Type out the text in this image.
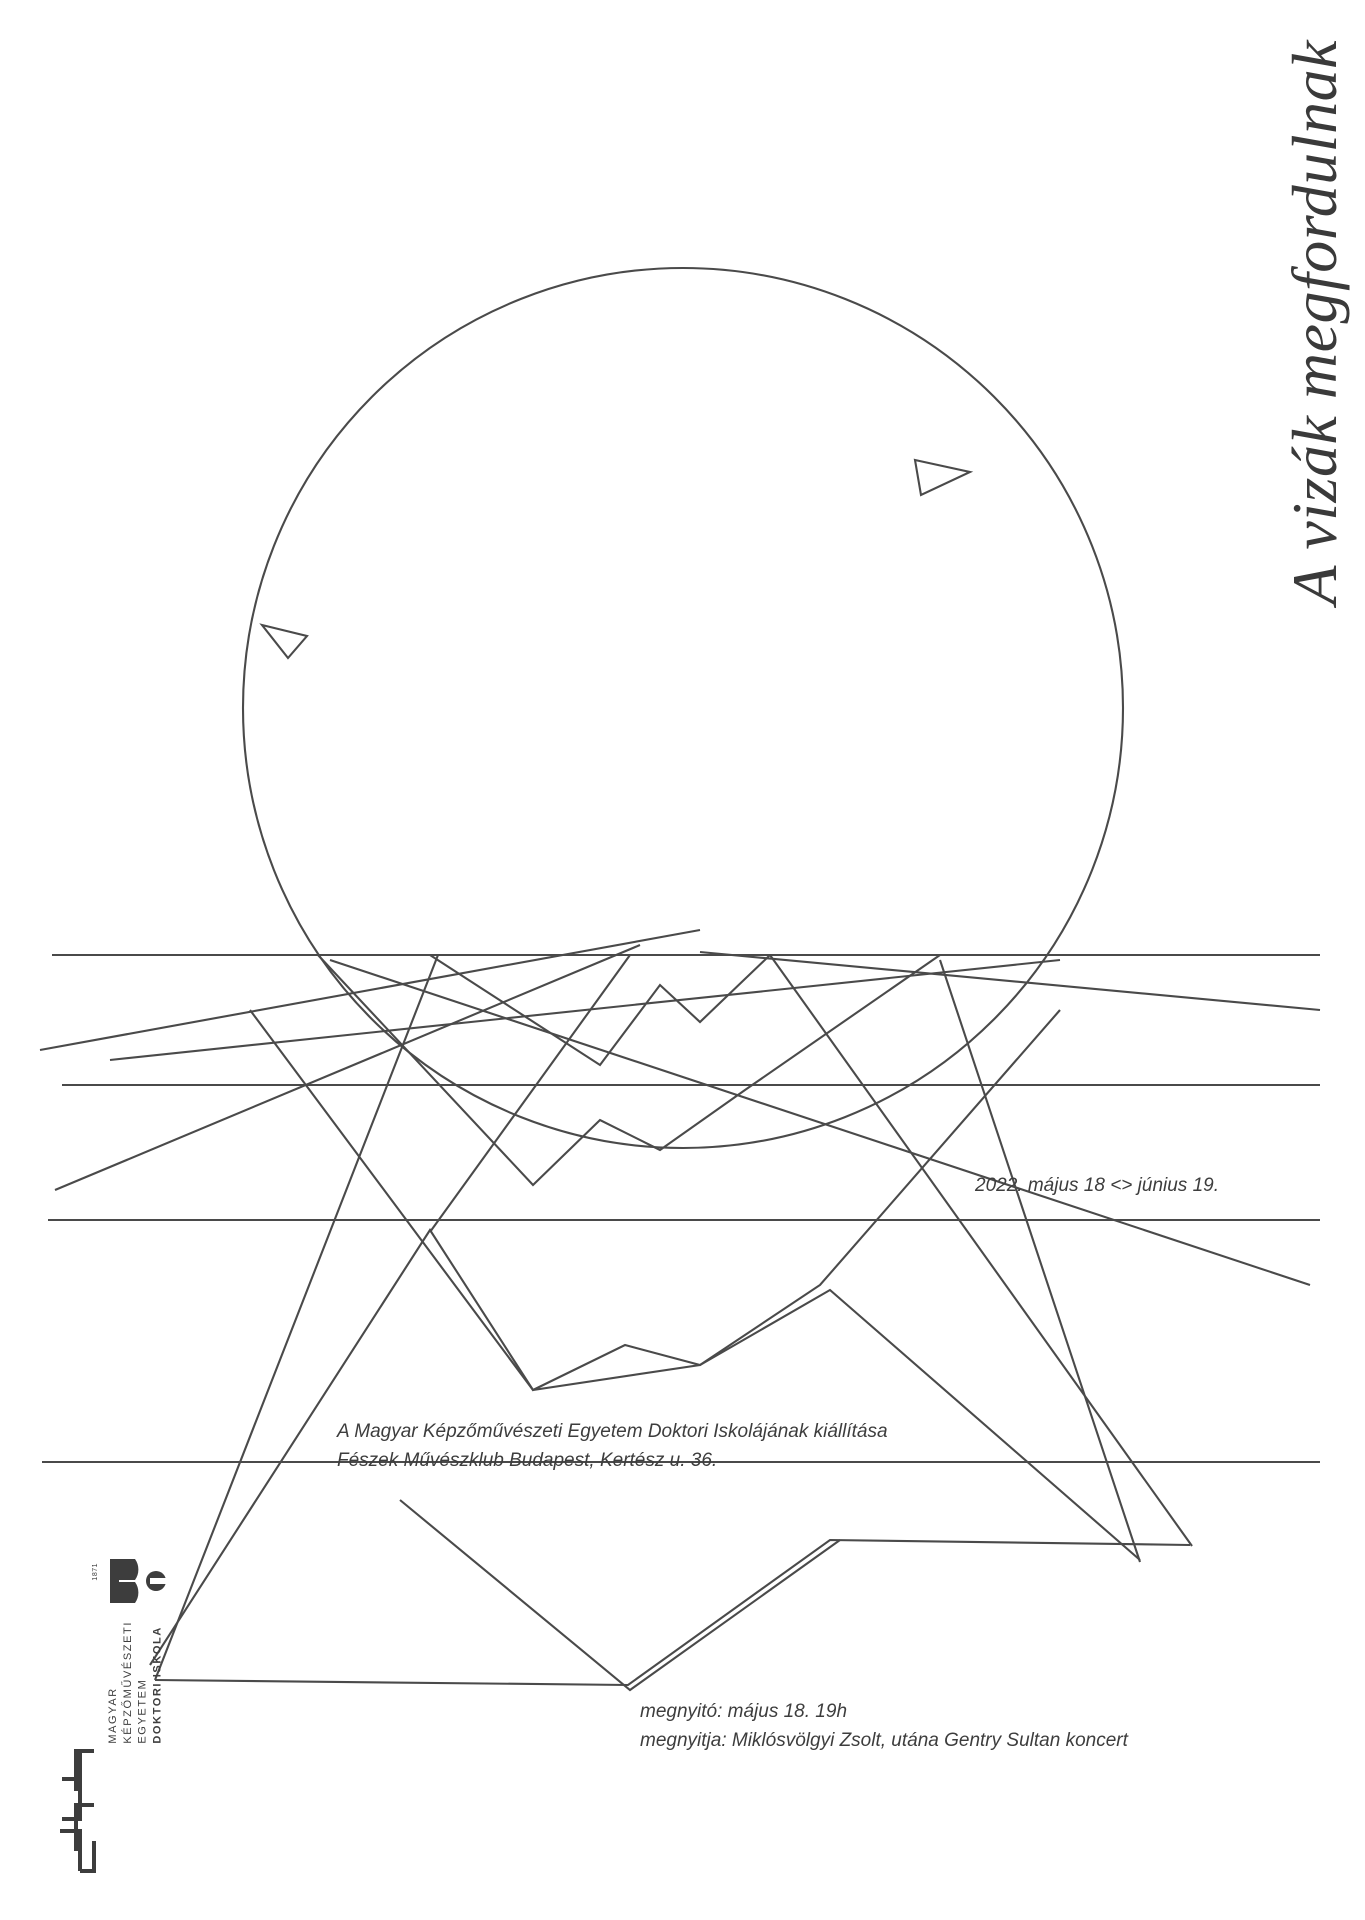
A vizák megfordulnak
2022. május 18 <> június 19.
A Magyar Képzőművészeti Egyetem Doktori Iskolájának kiállítása
Fészek Művészklub Budapest, Kertész u. 36.
megnyitó: május 18. 19h
megnyitja: Miklósvölgyi Zsolt, utána Gentry Sultan koncert
1871
MAGYAR KÉPZŐMŰVÉSZETI EGYETEM DOKTORI ISKOLA
